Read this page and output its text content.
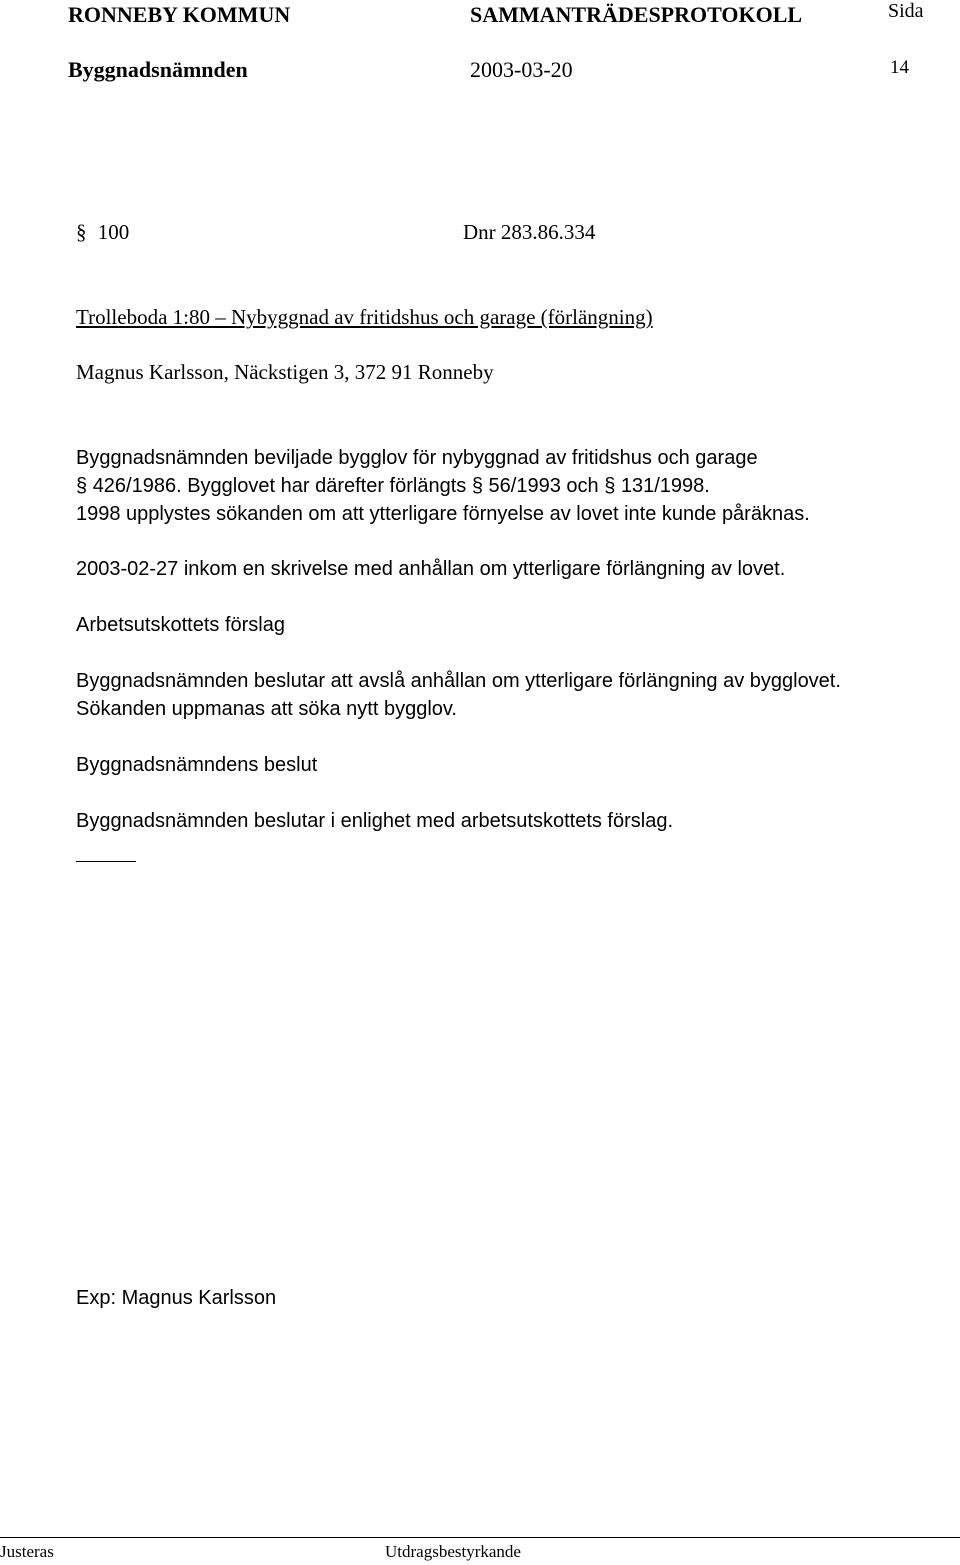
RONNEBY KOMMUN	SAMMANTRÄDESPROTOKOLL	Sida
Byggnadsnämnden	2003-03-20	14
§ 100	Dnr 283.86.334
Trolleboda 1:80 – Nybyggnad av fritidshus och garage (förlängning)
Magnus Karlsson, Näckstigen 3, 372 91 Ronneby
Byggnadsnämnden beviljade bygglov för nybyggnad av fritidshus och garage
§ 426/1986. Bygglovet har därefter förlängts § 56/1993 och § 131/1998.
1998 upplystes sökanden om att ytterligare förnyelse av lovet inte kunde påräknas.
2003-02-27 inkom en skrivelse med anhållan om ytterligare förlängning av lovet.
Arbetsutskottets förslag
Byggnadsnämnden beslutar att avslå anhållan om ytterligare förlängning av bygglovet.
Sökanden uppmanas att söka nytt bygglov.
Byggnadsnämndens beslut
Byggnadsnämnden beslutar i enlighet med arbetsutskottets förslag.
Exp: Magnus Karlsson
Justeras	Utdragsbestyrkande
